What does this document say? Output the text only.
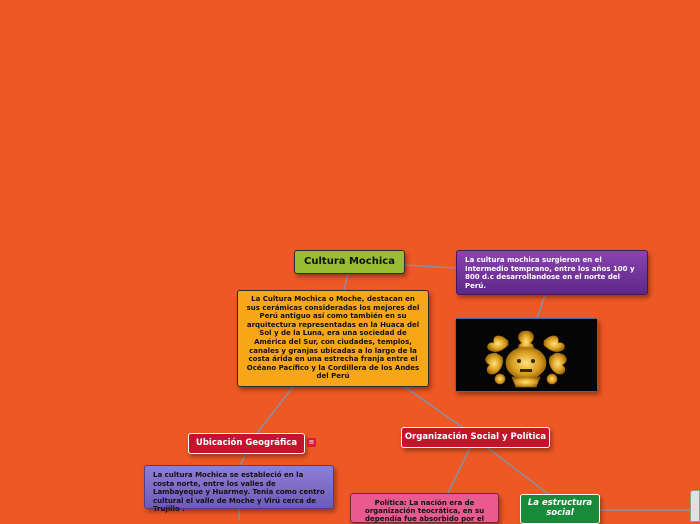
Cultura Mochica
La Cultura Mochica o Moche, destacan en sus cerámicas consideradas los mejores del Perú antiguo así como también en su arquitectura representadas en la Huaca del Sol y de la Luna, era una sociedad de América del Sur, con ciudades, templos, canales y granjas ubicadas a lo largo de la costa árida en una estrecha franja entre el Océano Pacífico y la Cordillera de los Andes del Perú
La cultura mochica surgieron en el Intermedio temprano, entre los años 100 y 800 d.c desarrollandose en el norte del Perú.
Ubicación Geográfica	≡	Organización Social y Política
La cultura Mochica se estableció en la costa norte, entre los valles de Lambayeque y Huarmey. Tenia como centro cultural el valle de Moche y Virú cerca de Trujillo .
Política: La nación era de organización teocrática, en su dependía fue absorbido por el
La estructura social
